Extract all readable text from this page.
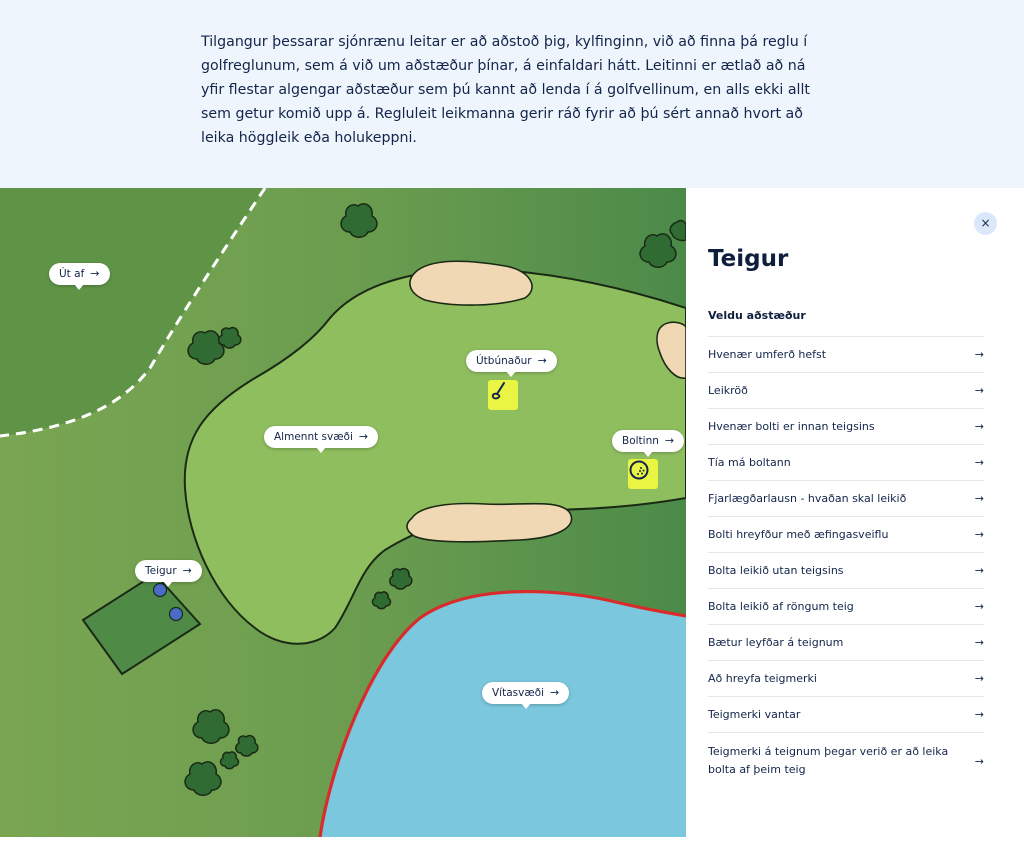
Tilgangur þessarar sjónrænu leitar er að aðstoð þig, kylfinginn, við að finna þá reglu í golfreglunum, sem á við um aðstæður þínar, á einfaldari hátt. Leitinni er ætlað að ná yfir flestar algengar aðstæður sem þú kannt að lenda í á golfvellinum, en alls ekki allt sem getur komið upp á. Regluleit leikmanna gerir ráð fyrir að þú sért annað hvort að leika höggleik eða holukeppni.

Út af →
Útbúnaður →
Almennt svæði →	Boltinn →
Teigur →
Vítasvæði →
×
Teigur
Veldu aðstæður
Hvenær umferð hefst	→
Leikröð	→
Hvenær bolti er innan teigsins	→
Tía má boltann	→
Fjarlægðarlausn - hvaðan skal leikið	→
Bolti hreyfður með æfingasveiflu	→
Bolta leikið utan teigsins	→
Bolta leikið af röngum teig	→
Bætur leyfðar á teignum	→
Að hreyfa teigmerki	→
Teigmerki vantar	→
Teigmerki á teignum þegar verið er að leika bolta af þeim teig
→
